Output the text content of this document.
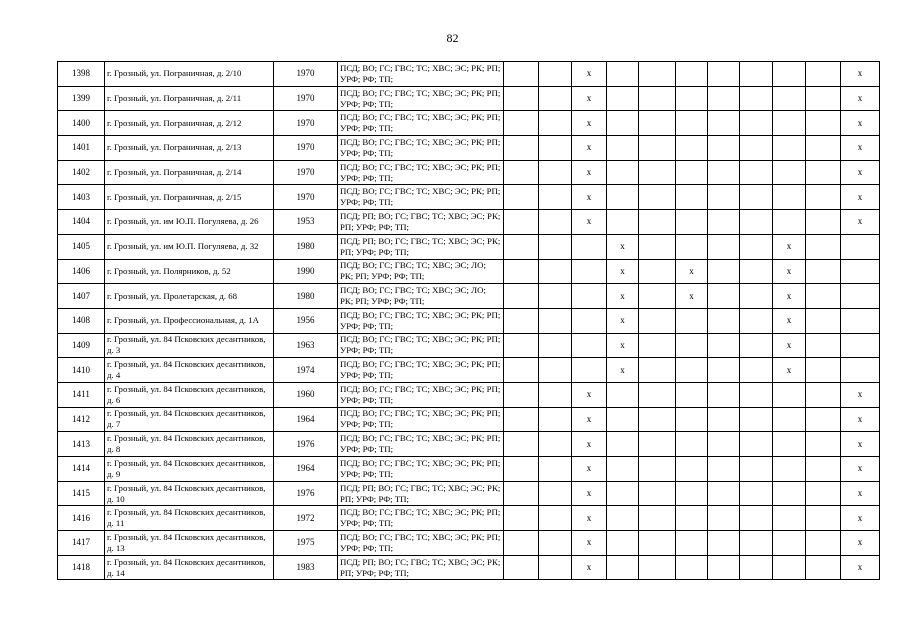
82
1398	г. Грозный, ул. Пограничная, д. 2/10	1970	ПСД; ВО; ГС; ГВС; ТС; ХВС; ЭС; РК; РП; УРФ; РФ; ТП;			x								x
1399	г. Грозный, ул. Пограничная, д. 2/11	1970	ПСД; ВО; ГС; ГВС; ТС; ХВС; ЭС; РК; РП; УРФ; РФ; ТП;			x								x
1400	г. Грозный, ул. Пограничная, д. 2/12	1970	ПСД; ВО; ГС; ГВС; ТС; ХВС; ЭС; РК; РП; УРФ; РФ; ТП;			x								x
1401	г. Грозный, ул. Пограничная, д. 2/13	1970	ПСД; ВО; ГС; ГВС; ТС; ХВС; ЭС; РК; РП; УРФ; РФ; ТП;			x								x
1402	г. Грозный, ул. Пограничная, д. 2/14	1970	ПСД; ВО; ГС; ГВС; ТС; ХВС; ЭС; РК; РП; УРФ; РФ; ТП;			x								x
1403	г. Грозный, ул. Пограничная, д. 2/15	1970	ПСД; ВО; ГС; ГВС; ТС; ХВС; ЭС; РК; РП; УРФ; РФ; ТП;			x								x
1404	г. Грозный, ул. им Ю.П. Погуляева, д. 26	1953	ПСД; РП; ВО; ГС; ГВС; ТС; ХВС; ЭС; РК; РП; УРФ; РФ; ТП;			x								x
1405	г. Грозный, ул. им Ю.П. Погуляева, д. 32	1980	ПСД; РП; ВО; ГС; ГВС; ТС; ХВС; ЭС; РК; РП; УРФ; РФ; ТП;				x					x		
1406	г. Грозный, ул. Полярников, д. 52	1990	ПСД; ВО; ГС; ГВС; ТС; ХВС; ЭС; ЛО; РК; РП; УРФ; РФ; ТП;				x		x			x		
1407	г. Грозный, ул. Пролетарская, д. 68	1980	ПСД; ВО; ГС; ГВС; ТС; ХВС; ЭС; ЛО; РК; РП; УРФ; РФ; ТП;				x		x			x		
1408	г. Грозный, ул. Профессиональная, д. 1А	1956	ПСД; ВО; ГС; ГВС; ТС; ХВС; ЭС; РК; РП; УРФ; РФ; ТП;				x					x		
1409	г. Грозный, ул. 84 Псковских десантников, д. 3	1963	ПСД; ВО; ГС; ГВС; ТС; ХВС; ЭС; РК; РП; УРФ; РФ; ТП;				x					x		
1410	г. Грозный, ул. 84 Псковских десантников, д. 4	1974	ПСД; ВО; ГС; ГВС; ТС; ХВС; ЭС; РК; РП; УРФ; РФ; ТП;				x					x		
1411	г. Грозный, ул. 84 Псковских десантников, д. 6	1960	ПСД; ВО; ГС; ГВС; ТС; ХВС; ЭС; РК; РП; УРФ; РФ; ТП;			x								x
1412	г. Грозный, ул. 84 Псковских десантников, д. 7	1964	ПСД; ВО; ГС; ГВС; ТС; ХВС; ЭС; РК; РП; УРФ; РФ; ТП;			x								x
1413	г. Грозный, ул. 84 Псковских десантников, д. 8	1976	ПСД; ВО; ГС; ГВС; ТС; ХВС; ЭС; РК; РП; УРФ; РФ; ТП;			x								x
1414	г. Грозный, ул. 84 Псковских десантников, д. 9	1964	ПСД; ВО; ГС; ГВС; ТС; ХВС; ЭС; РК; РП; УРФ; РФ; ТП;			x								x
1415	г. Грозный, ул. 84 Псковских десантников, д. 10	1976	ПСД; РП; ВО; ГС; ГВС; ТС; ХВС; ЭС; РК; РП; УРФ; РФ; ТП;			x								x
1416	г. Грозный, ул. 84 Псковских десантников, д. 11	1972	ПСД; ВО; ГС; ГВС; ТС; ХВС; ЭС; РК; РП; УРФ; РФ; ТП;			x								x
1417	г. Грозный, ул. 84 Псковских десантников, д. 13	1975	ПСД; ВО; ГС; ГВС; ТС; ХВС; ЭС; РК; РП; УРФ; РФ; ТП;			x								x
1418	г. Грозный, ул. 84 Псковских десантников, д. 14	1983	ПСД; РП; ВО; ГС; ГВС; ТС; ХВС; ЭС; РК; РП; УРФ; РФ; ТП;			x								x
